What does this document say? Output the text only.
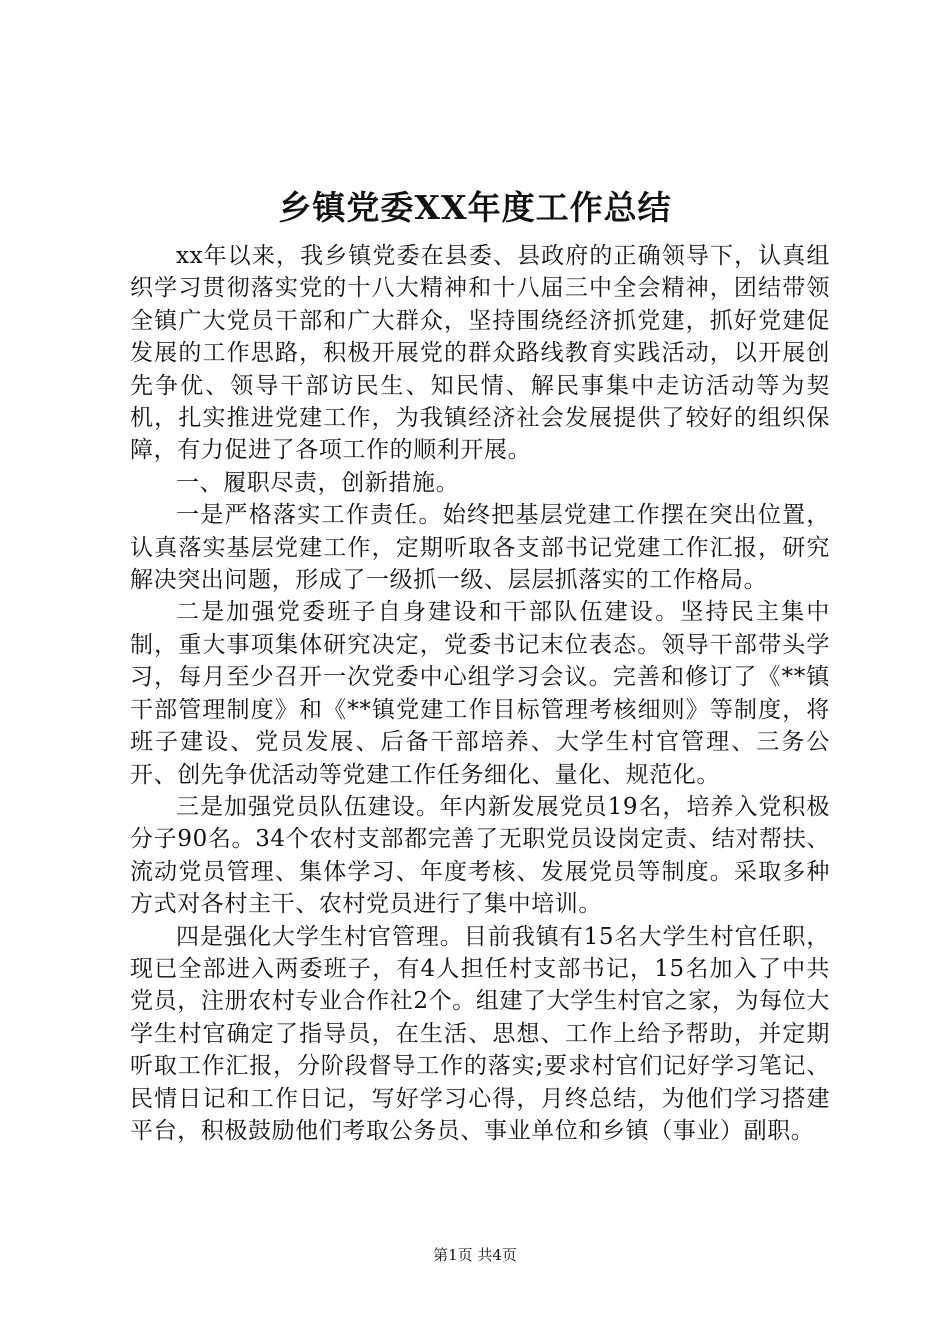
乡镇党委XX年度工作总结

xx年以来，我乡镇党委在县委、县政府的正确领导下，认真组织学习贯彻落实党的十八大精神和十八届三中全会精神，团结带领全镇广大党员干部和广大群众，坚持围绕经济抓党建，抓好党建促发展的工作思路，积极开展党的群众路线教育实践活动，以开展创先争优、领导干部访民生、知民情、解民事集中走访活动等为契机，扎实推进党建工作，为我镇经济社会发展提供了较好的组织保障，有力促进了各项工作的顺利开展。

一、履职尽责，创新措施。

一是严格落实工作责任。始终把基层党建工作摆在突出位置，认真落实基层党建工作，定期听取各支部书记党建工作汇报，研究解决突出问题，形成了一级抓一级、层层抓落实的工作格局。

二是加强党委班子自身建设和干部队伍建设。坚持民主集中制，重大事项集体研究决定，党委书记末位表态。领导干部带头学习，每月至少召开一次党委中心组学习会议。完善和修订了《**镇干部管理制度》和《**镇党建工作目标管理考核细则》等制度，将班子建设、党员发展、后备干部培养、大学生村官管理、三务公开、创先争优活动等党建工作任务细化、量化、规范化。

三是加强党员队伍建设。年内新发展党员19名，培养入党积极分子90名。34个农村支部都完善了无职党员设岗定责、结对帮扶、流动党员管理、集体学习、年度考核、发展党员等制度。采取多种方式对各村主干、农村党员进行了集中培训。

四是强化大学生村官管理。目前我镇有15名大学生村官任职，现已全部进入两委班子，有4人担任村支部书记，15名加入了中共党员，注册农村专业合作社2个。组建了大学生村官之家，为每位大学生村官确定了指导员，在生活、思想、工作上给予帮助，并定期听取工作汇报，分阶段督导工作的落实;要求村官们记好学习笔记、民情日记和工作日记，写好学习心得，月终总结，为他们学习搭建平台，积极鼓励他们考取公务员、事业单位和乡镇（事业）副职。

第1页 共4页
